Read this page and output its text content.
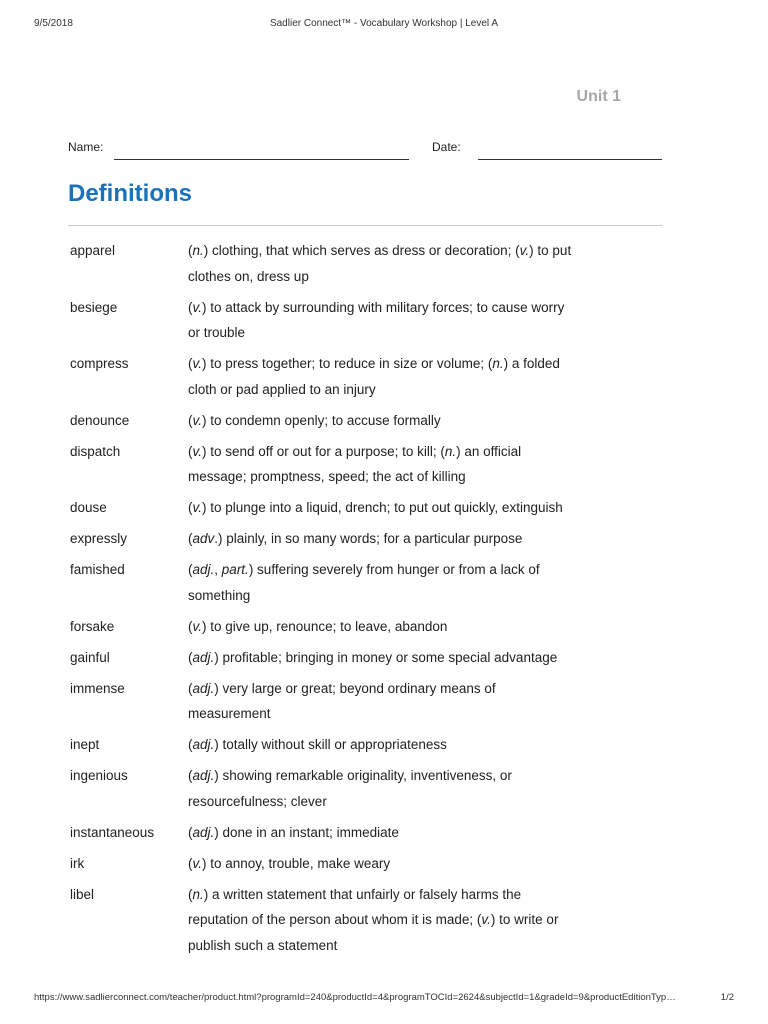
9/5/2018	Sadlier Connect™ - Vocabulary Workshop | Level A
Unit 1
Name:	Date:
Definitions
apparel	(n.) clothing, that which serves as dress or decoration; (v.) to put clothes on, dress up
besiege	(v.) to attack by surrounding with military forces; to cause worry or trouble
compress	(v.) to press together; to reduce in size or volume; (n.) a folded cloth or pad applied to an injury
denounce	(v.) to condemn openly; to accuse formally
dispatch	(v.) to send off or out for a purpose; to kill; (n.) an official message; promptness, speed; the act of killing
douse	(v.) to plunge into a liquid, drench; to put out quickly, extinguish
expressly	(adv.) plainly, in so many words; for a particular purpose
famished	(adj., part.) suffering severely from hunger or from a lack of something
forsake	(v.) to give up, renounce; to leave, abandon
gainful	(adj.) profitable; bringing in money or some special advantage
immense	(adj.) very large or great; beyond ordinary means of measurement
inept	(adj.) totally without skill or appropriateness
ingenious	(adj.) showing remarkable originality, inventiveness, or resourcefulness; clever
instantaneous	(adj.) done in an instant; immediate
irk	(v.) to annoy, trouble, make weary
libel	(n.) a written statement that unfairly or falsely harms the reputation of the person about whom it is made; (v.) to write or publish such a statement
https://www.sadlierconnect.com/teacher/product.html?programId=240&productId=4&programTOCId=2624&subjectId=1&gradeId=9&productEditionTyp…	1/2
